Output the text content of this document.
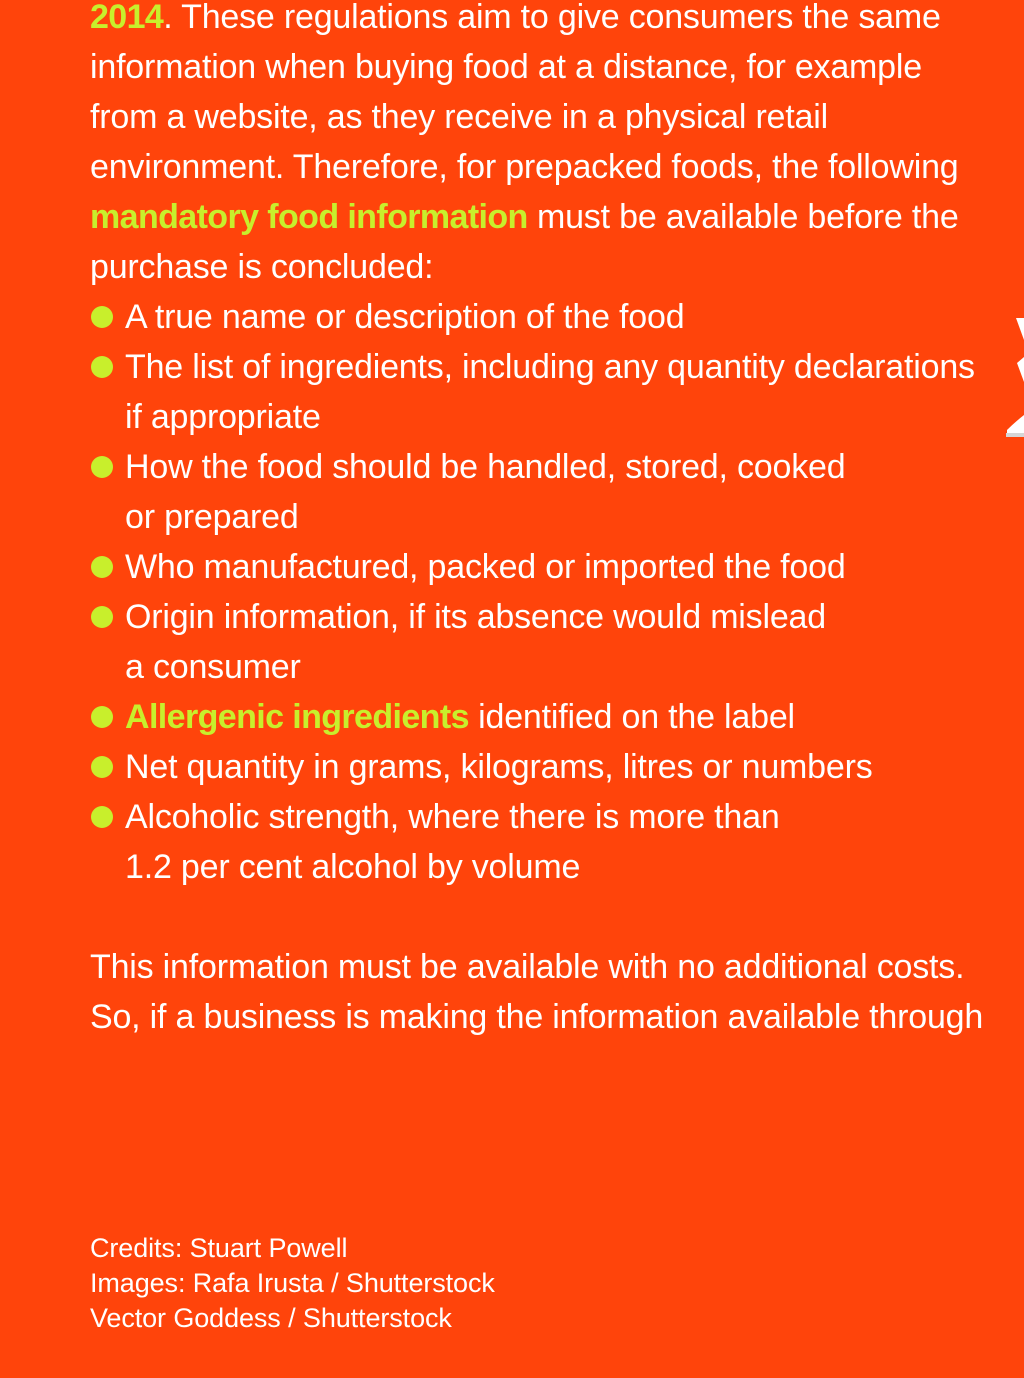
2014. These regulations aim to give consumers the same
information when buying food at a distance, for example
from a website, as they receive in a physical retail
environment. Therefore, for prepacked foods, the following
mandatory food information must be available before the
purchase is concluded:
A true name or description of the food
The list of ingredients, including any quantity declarations
if appropriate
How the food should be handled, stored, cooked
or prepared
Who manufactured, packed or imported the food
Origin information, if its absence would mislead
a consumer
Allergenic ingredients identified on the label
Net quantity in grams, kilograms, litres or numbers
Alcoholic strength, where there is more than
1.2 per cent alcohol by volume
This information must be available with no additional costs.
So, if a business is making the information available through
Credits: Stuart Powell
Images: Rafa Irusta / Shutterstock
Vector Goddess / Shutterstock
